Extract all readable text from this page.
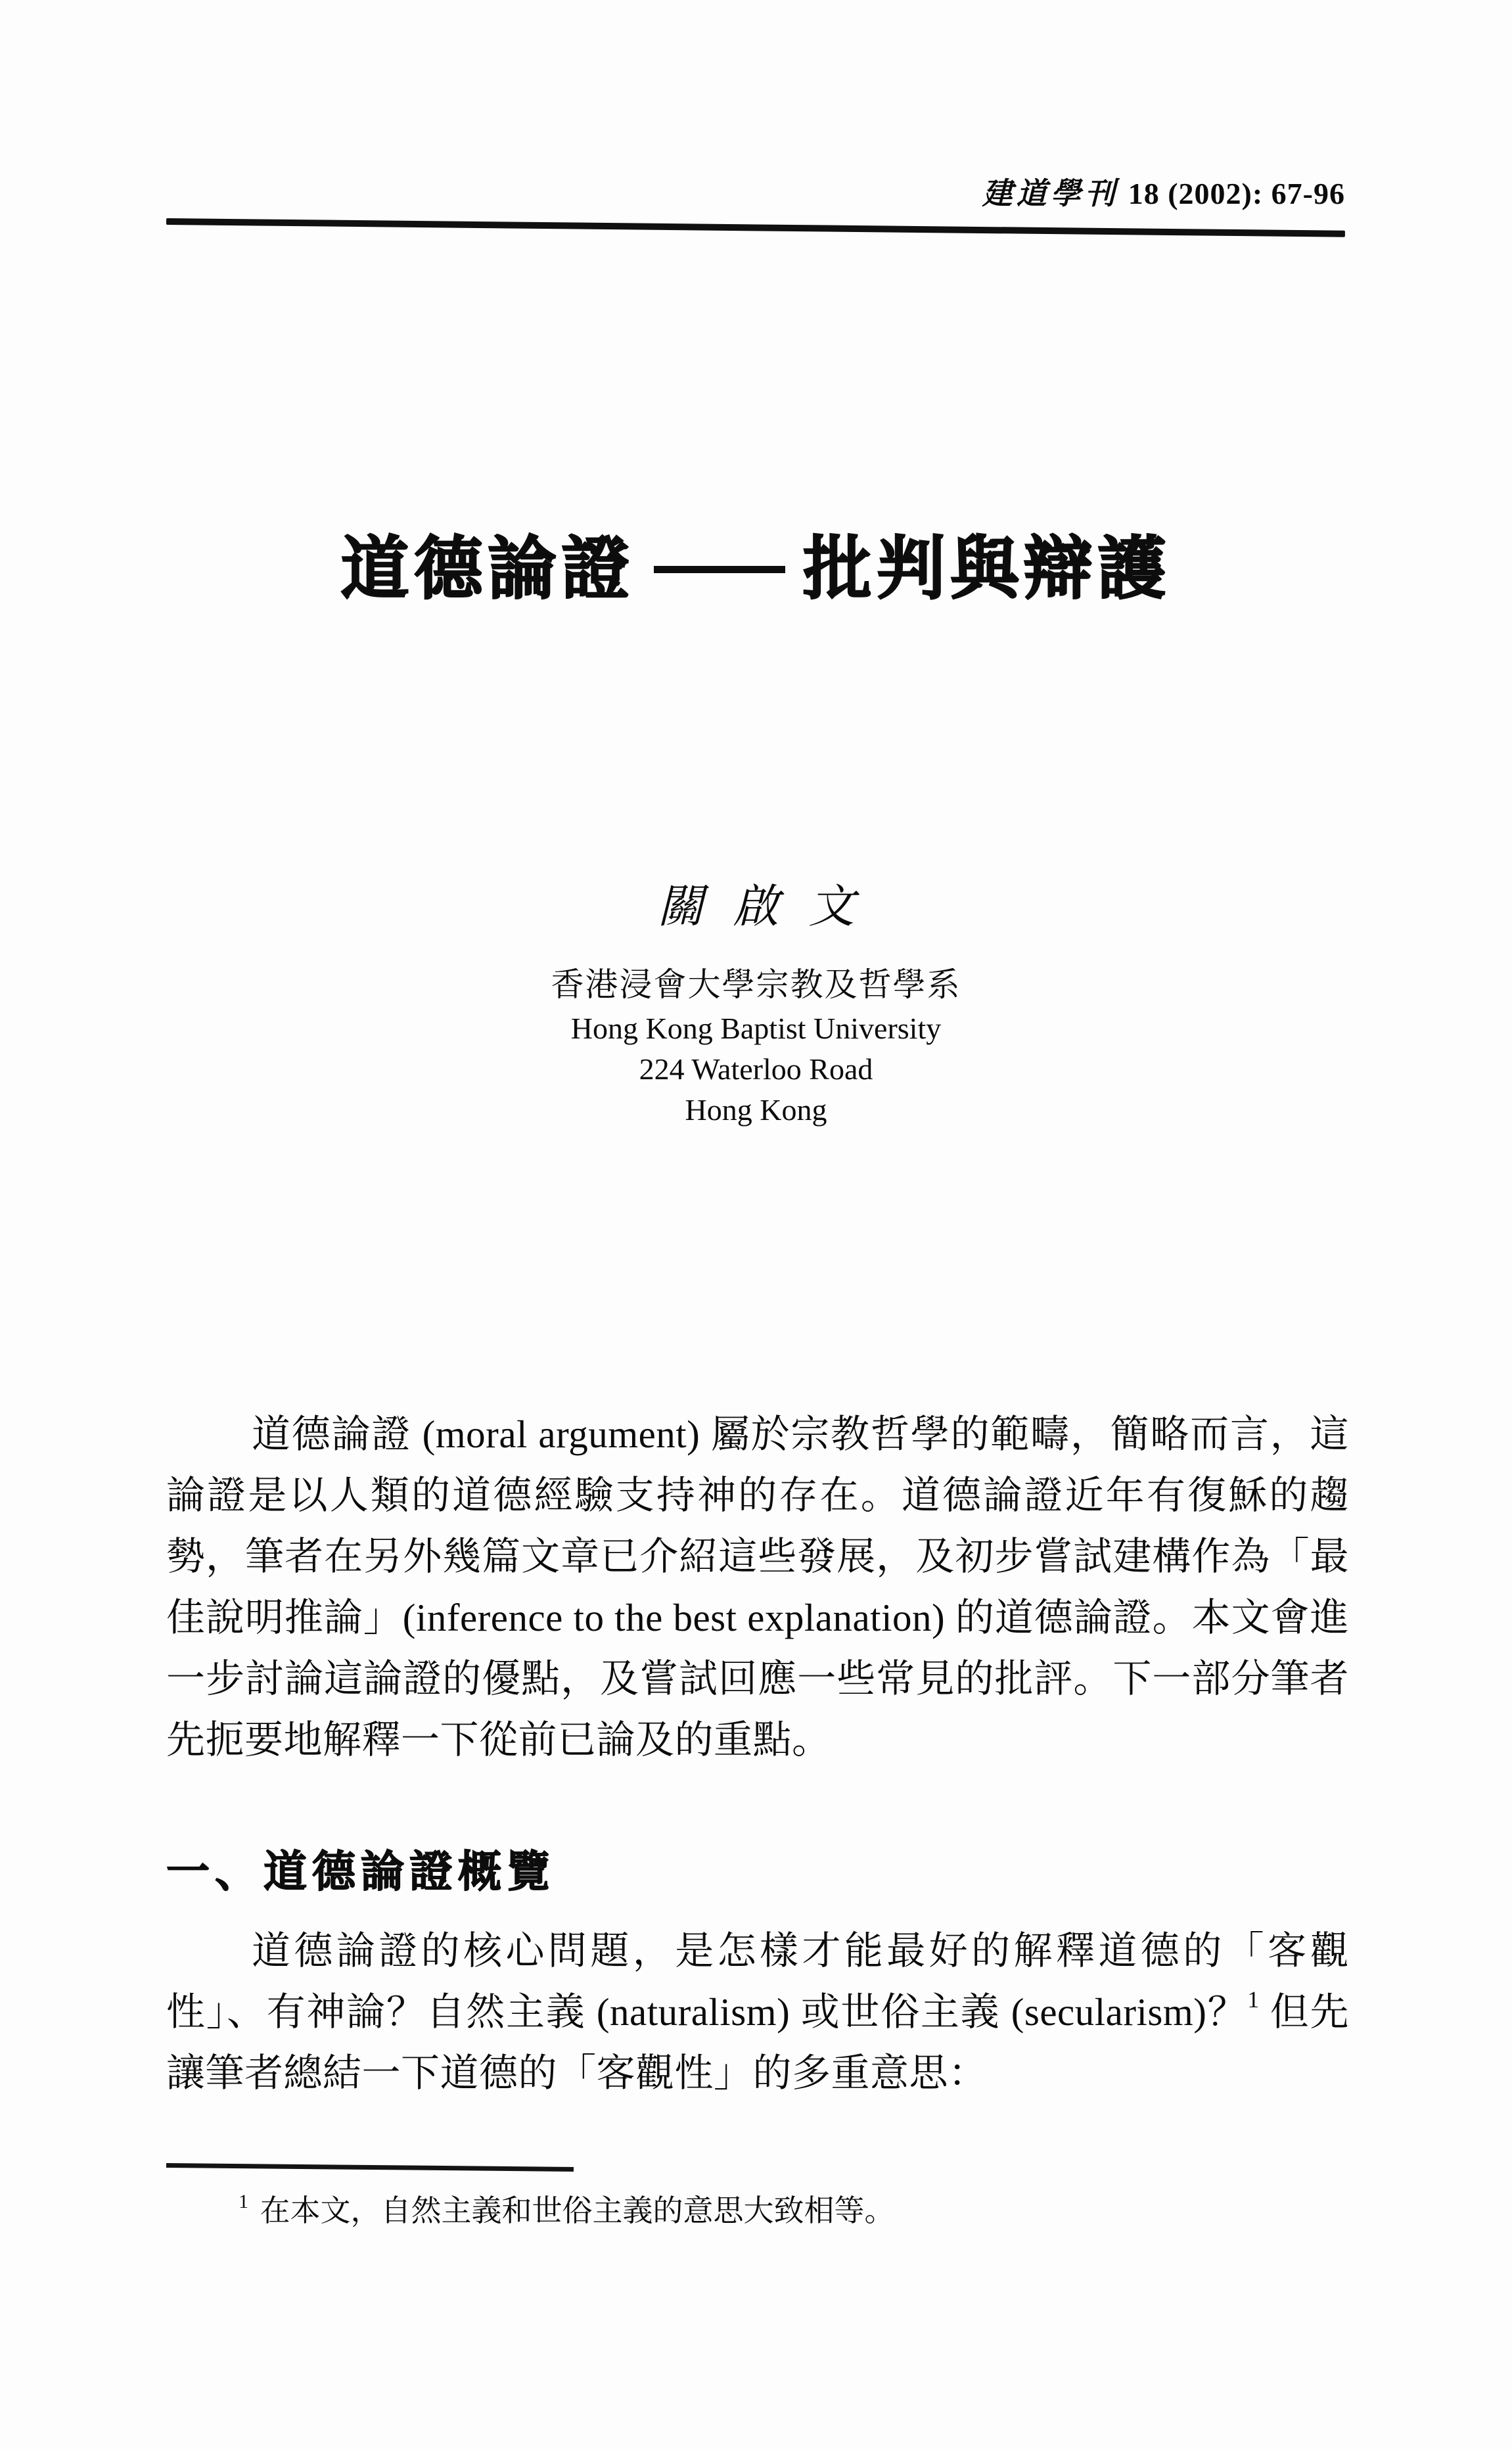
建道學刊 18 (2002): 67-96
道德論證 批判與辯護
關啟文
香港浸會大學宗教及哲學系
Hong Kong Baptist University
224 Waterloo Road
Hong Kong

道德論證 (moral argument) 屬於宗教哲學的範疇，簡略而言，這論證是以人類的道德經驗支持神的存在。道德論證近年有復穌的趨勢，筆者在另外幾篇文章已介紹這些發展，及初步嘗試建構作為「最佳說明推論」(inference to the best explanation) 的道德論證。本文會進一步討論這論證的優點，及嘗試回應一些常見的批評。下一部分筆者先扼要地解釋一下從前已論及的重點。

一、道德論證概覽

道德論證的核心問題，是怎樣才能最好的解釋道德的「客觀性」、有神論？自然主義 (naturalism) 或世俗主義 (secularism)？$^1$ 但先讓筆者總結一下道德的「客觀性」的多重意思：

$^1$ 在本文，自然主義和世俗主義的意思大致相等。
